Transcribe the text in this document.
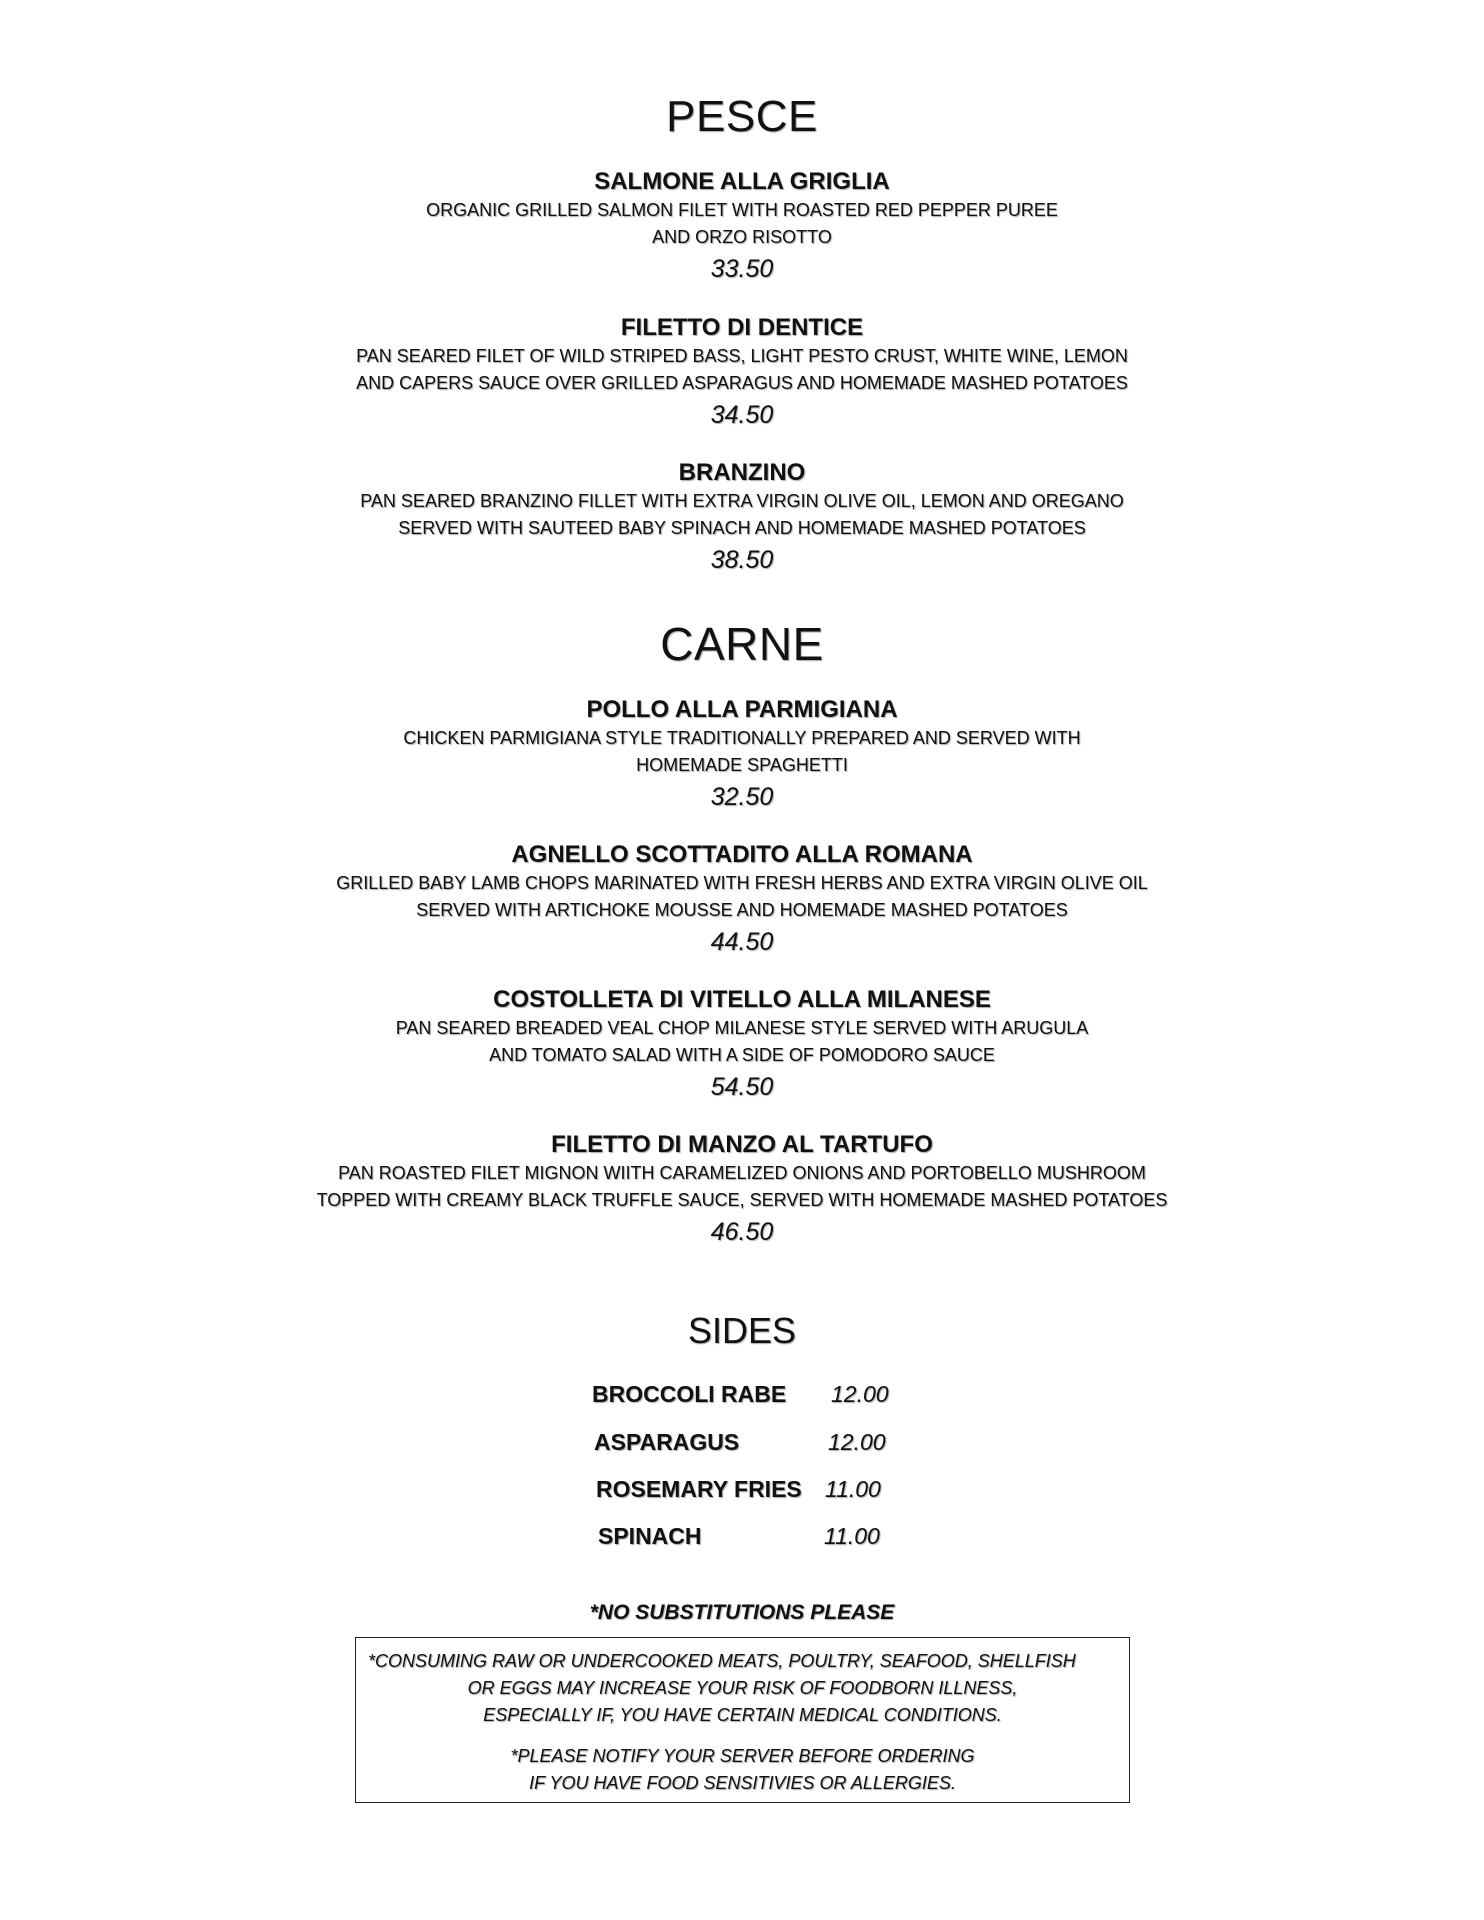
PESCE

SALMONE ALLA GRIGLIA

ORGANIC GRILLED SALMON FILET WITH ROASTED RED PEPPER PUREE

AND ORZO RISOTTO

33.50

FILETTO DI DENTICE

PAN SEARED FILET OF WILD STRIPED BASS, LIGHT PESTO CRUST, WHITE WINE, LEMON

AND CAPERS SAUCE OVER GRILLED ASPARAGUS AND HOMEMADE MASHED POTATOES

34.50

BRANZINO

PAN SEARED BRANZINO FILLET WITH EXTRA VIRGIN OLIVE OIL, LEMON AND OREGANO

SERVED WITH SAUTEED BABY SPINACH AND HOMEMADE MASHED POTATOES

38.50

CARNE

POLLO ALLA PARMIGIANA

CHICKEN PARMIGIANA STYLE TRADITIONALLY PREPARED AND SERVED WITH

HOMEMADE SPAGHETTI

32.50

AGNELLO SCOTTADITO ALLA ROMANA

GRILLED BABY LAMB CHOPS MARINATED WITH FRESH HERBS AND EXTRA VIRGIN OLIVE OIL

SERVED WITH ARTICHOKE MOUSSE AND HOMEMADE MASHED POTATOES

44.50

COSTOLLETA DI VITELLO ALLA MILANESE

PAN SEARED BREADED VEAL CHOP MILANESE STYLE SERVED WITH ARUGULA

AND TOMATO SALAD WITH A SIDE OF POMODORO SAUCE

54.50

FILETTO DI MANZO AL TARTUFO

PAN ROASTED FILET MIGNON WIITH CARAMELIZED ONIONS AND PORTOBELLO MUSHROOM

TOPPED WITH CREAMY BLACK TRUFFLE SAUCE, SERVED WITH HOMEMADE MASHED POTATOES

46.50

SIDES
BROCCOLI RABE 12.00
ASPARAGUS	12.00
ROSEMARY FRIES 11.00
SPINACH	11.00
*NO SUBSTITUTIONS PLEASE

*CONSUMING RAW OR UNDERCOOKED MEATS, POULTRY, SEAFOOD, SHELLFISH

OR EGGS MAY INCREASE YOUR RISK OF FOODBORN ILLNESS,

ESPECIALLY IF, YOU HAVE CERTAIN MEDICAL CONDITIONS.

*PLEASE NOTIFY YOUR SERVER BEFORE ORDERING

IF YOU HAVE FOOD SENSITIVIES OR ALLERGIES.
